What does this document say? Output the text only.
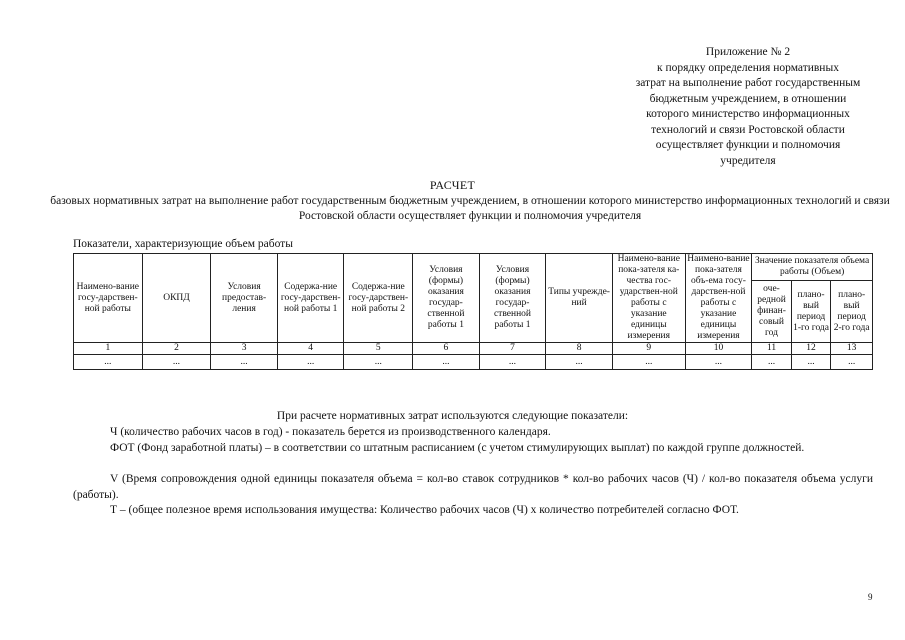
Приложение № 2
к порядку определения нормативных
затрат на выполнение работ государственным
бюджетным учреждением, в отношении
которого министерство информационных
технологий и связи Ростовской области
осуществляет функции и полномочия
учредителя
РАСЧЕТ
базовых нормативных затрат на выполнение работ государственным бюджетным учреждением, в отношении которого министерство информационных технологий и связи Ростовской области осуществляет функции и полномочия учредителя
Показатели, характеризующие объем работы
Наимено-вание госу-дарствен-ной работы	ОКПД	Условия предостав-ления	Содержа-ние госу-дарствен-ной работы 1	Содержа-ние госу-дарствен-ной работы 2	Условия (формы) оказания государ-ственной работы 1	Условия (формы) оказания государ-ственной работы 1	Типы учрежде-ний	Наимено-вание пока-зателя ка-чества гос-ударствен-ной работы с указание единицы измерения	Наимено-вание пока-зателя объ-ема госу-дарствен-ной работы с указание единицы измерения	Значение показателя объема работы (Объем)		
										оче-редной финан-совый год	плано-вый период 1-го года	плано-вый период 2-го года
1	2	3	4	5	6	7	8	9	10	11	12	13
...	...	...	...	...	...	...	...	...	...	...	...	...
При расчете нормативных затрат используются следующие показатели:
Ч (количество рабочих часов в год) - показатель берется из производственного календаря.
ФОТ (Фонд заработной платы) – в соответствии со штатным расписанием (с учетом стимулирующих выплат) по каждой группе должностей.
V (Время сопровождения одной единицы показателя объема = кол-во ставок сотрудников * кол-во рабочих часов (Ч) / кол-во показателя объема услуги (работы).
Т – (общее полезное время использования имущества: Количество рабочих часов (Ч) х количество потребителей согласно ФОТ.
9
